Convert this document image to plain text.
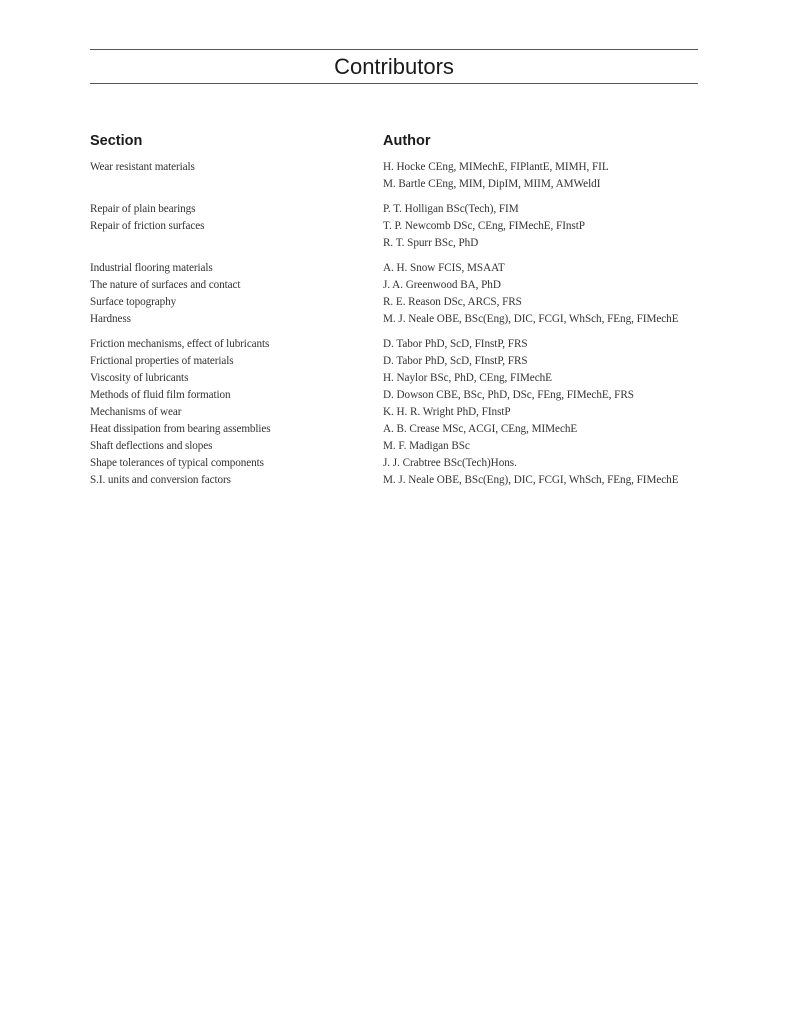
Contributors
Section	Author
Wear resistant materials	H. Hocke CEng, MIMechE, FIPlantE, MIMH, FIL
M. Bartle CEng, MIM, DipIM, MIIM, AMWeldI
Repair of plain bearings	P. T. Holligan BSc(Tech), FIM
Repair of friction surfaces	T. P. Newcomb DSc, CEng, FIMechE, FInstP
R. T. Spurr BSc, PhD
Industrial flooring materials	A. H. Snow FCIS, MSAAT
The nature of surfaces and contact	J. A. Greenwood BA, PhD
Surface topography	R. E. Reason DSc, ARCS, FRS
Hardness	M. J. Neale OBE, BSc(Eng), DIC, FCGI, WhSch, FEng, FIMechE
Friction mechanisms, effect of lubricants	D. Tabor PhD, ScD, FInstP, FRS
Frictional properties of materials	D. Tabor PhD, ScD, FInstP, FRS
Viscosity of lubricants	H. Naylor BSc, PhD, CEng, FIMechE
Methods of fluid film formation	D. Dowson CBE, BSc, PhD, DSc, FEng, FIMechE, FRS
Mechanisms of wear	K. H. R. Wright PhD, FInstP
Heat dissipation from bearing assemblies	A. B. Crease MSc, ACGI, CEng, MIMechE
Shaft deflections and slopes	M. F. Madigan BSc
Shape tolerances of typical components	J. J. Crabtree BSc(Tech)Hons.
S.I. units and conversion factors	M. J. Neale OBE, BSc(Eng), DIC, FCGI, WhSch, FEng, FIMechE
